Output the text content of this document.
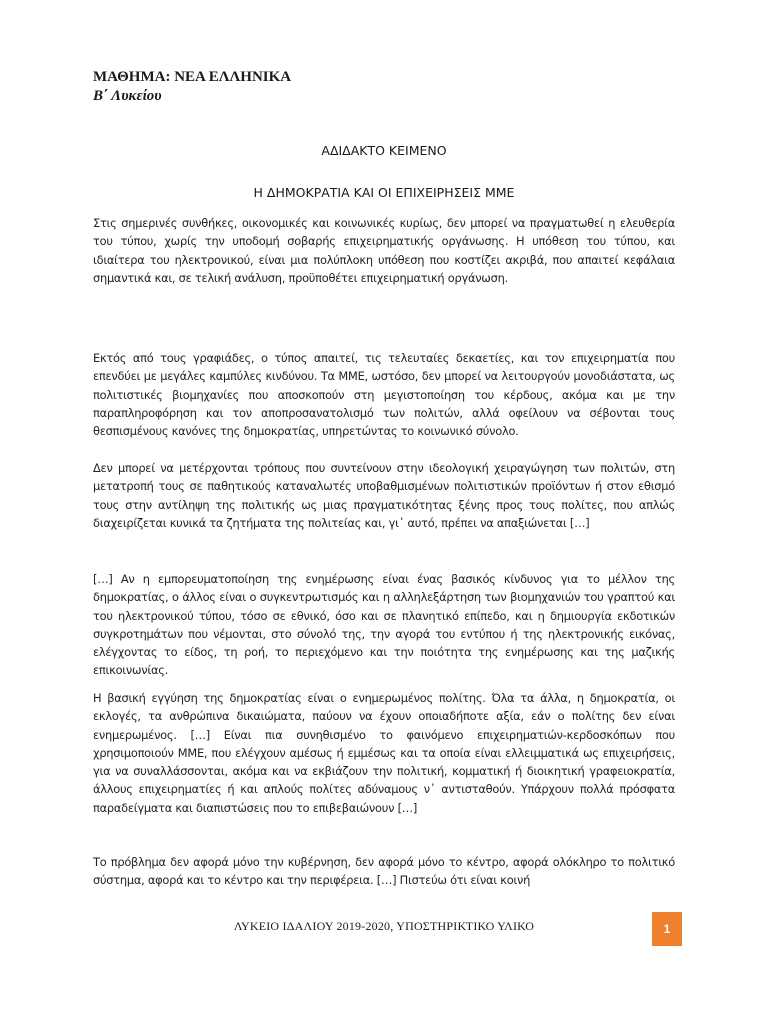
ΜΑΘΗΜΑ: ΝΕΑ ΕΛΛΗΝΙΚΑ
Β΄ Λυκείου
ΑΔΙΔΑΚΤΟ ΚΕΙΜΕΝΟ
Η ΔΗΜΟΚΡΑΤΙΑ ΚΑΙ ΟΙ ΕΠΙΧΕΙΡΗΣΕΙΣ ΜΜΕ

Στις σημερινές συνθήκες, οικονομικές και κοινωνικές κυρίως, δεν μπορεί να πραγματωθεί η ελευθερία του τύπου, χωρίς την υποδομή σοβαρής επιχειρηματικής οργάνωσης. Η υπόθεση του τύπου, και ιδιαίτερα του ηλεκτρονικού, είναι μια πολύπλοκη υπόθεση που κοστίζει ακριβά, που απαιτεί κεφάλαια σημαντικά και, σε τελική ανάλυση, προϋποθέτει επιχειρηματική οργάνωση.

Εκτός από τους γραφιάδες, ο τύπος απαιτεί, τις τελευταίες δεκαετίες, και τον επιχειρηματία που επενδύει με μεγάλες καμπύλες κινδύνου. Τα ΜΜΕ, ωστόσο, δεν μπορεί να λειτουργούν μονοδιάστατα, ως πολιτιστικές βιομηχανίες που αποσκοπούν στη μεγιστοποίηση του κέρδους, ακόμα και με την παραπληροφόρηση και τον αποπροσανατολισμό των πολιτών, αλλά οφείλουν να σέβονται τους θεσπισμένους κανόνες της δημοκρατίας, υπηρετώντας το κοινωνικό σύνολο.

Δεν μπορεί να μετέρχονται τρόπους που συντείνουν στην ιδεολογική χειραγώγηση των πολιτών, στη μετατροπή τους σε παθητικούς καταναλωτές υποβαθμισμένων πολιτιστικών προϊόντων ή στον εθισμό τους στην αντίληψη της πολιτικής ως μιας πραγματικότητας ξένης προς τους πολίτες, που απλώς διαχειρίζεται κυνικά τα ζητήματα της πολιτείας και, γι᾽ αυτό, πρέπει να απαξιώνεται […]

[…] Αν η εμπορευματοποίηση της ενημέρωσης είναι ένας βασικός κίνδυνος για το μέλλον της δημοκρατίας, ο άλλος είναι ο συγκεντρωτισμός και η αλληλεξάρτηση των βιομηχανιών του γραπτού και του ηλεκτρονικού τύπου, τόσο σε εθνικό, όσο και σε πλανητικό επίπεδο, και η δημιουργία εκδοτικών συγκροτημάτων που νέμονται, στο σύνολό της, την αγορά του εντύπου ή της ηλεκτρονικής εικόνας, ελέγχοντας το είδος, τη ροή, το περιεχόμενο και την ποιότητα της ενημέρωσης και της μαζικής επικοινωνίας.

Η βασική εγγύηση της δημοκρατίας είναι ο ενημερωμένος πολίτης. Όλα τα άλλα, η δημοκρατία, οι εκλογές, τα ανθρώπινα δικαιώματα, παύουν να έχουν οποιαδήποτε αξία, εάν ο πολίτης δεν είναι ενημερωμένος. […] Είναι πια συνηθισμένο το φαινόμενο επιχειρηματιών-κερδοσκόπων που χρησιμοποιούν ΜΜΕ, που ελέγχουν αμέσως ή εμμέσως και τα οποία είναι ελλειμματικά ως επιχειρήσεις, για να συναλλάσσονται, ακόμα και να εκβιάζουν την πολιτική, κομματική ή διοικητική γραφειοκρατία, άλλους επιχειρηματίες ή και απλούς πολίτες αδύναμους ν᾽ αντισταθούν. Υπάρχουν πολλά πρόσφατα παραδείγματα και διαπιστώσεις που το επιβεβαιώνουν […]

Το πρόβλημα δεν αφορά μόνο την κυβέρνηση, δεν αφορά μόνο το κέντρο, αφορά ολόκληρο το πολιτικό σύστημα, αφορά και το κέντρο και την περιφέρεια. […] Πιστεύω ότι είναι κοινή

ΛΥΚΕΙΟ ΙΔΑΛΙΟΥ 2019-2020, ΥΠΟΣΤΗΡΙΚΤΙΚΟ ΥΛΙΚΟ	1
